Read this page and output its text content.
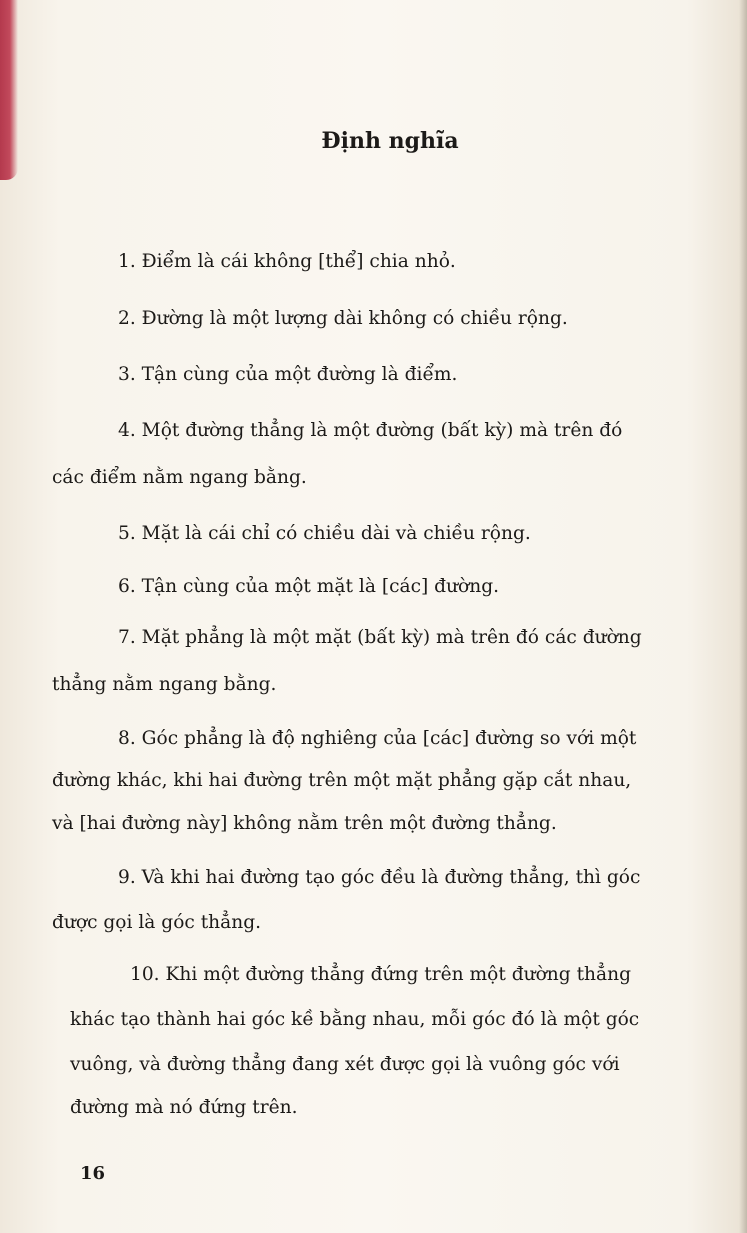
Định nghĩa
1. Điểm là cái không [thể] chia nhỏ.
2. Đường là một lượng dài không có chiều rộng.
3. Tận cùng của một đường là điểm.
4. Một đường thẳng là một đường (bất kỳ) mà trên đó
các điểm nằm ngang bằng.
5. Mặt là cái chỉ có chiều dài và chiều rộng.
6. Tận cùng của một mặt là [các] đường.
7. Mặt phẳng là một mặt (bất kỳ) mà trên đó các đường
thẳng nằm ngang bằng.
8. Góc phẳng là độ nghiêng của [các] đường so với một
đường khác, khi hai đường trên một mặt phẳng gặp cắt nhau,
và [hai đường này] không nằm trên một đường thẳng.
9. Và khi hai đường tạo góc đều là đường thẳng, thì góc
được gọi là góc thẳng.
10. Khi một đường thẳng đứng trên một đường thẳng
khác tạo thành hai góc kề bằng nhau, mỗi góc đó là một góc
vuông, và đường thẳng đang xét được gọi là vuông góc với
đường mà nó đứng trên.
16
